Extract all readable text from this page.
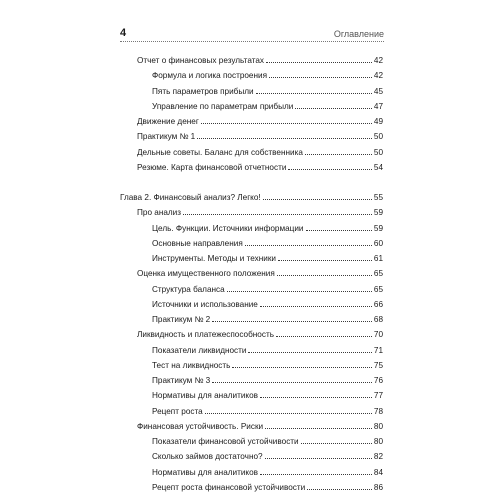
4	Оглавление
Отчет о финансовых результатах	42
Формула и логика построения	42
Пять параметров прибыли	45
Управление по параметрам прибыли	47
Движение денег	49
Практикум № 1	50
Дельные советы. Баланс для собственника	50
Резюме. Карта финансовой отчетности	54
Глава 2. Финансовый анализ? Легко!	55
Про анализ	59
Цель. Функции. Источники информации	59
Основные направления	60
Инструменты. Методы и техники	61
Оценка имущественного положения	65
Структура баланса	65
Источники и использование	66
Практикум № 2	68
Ликвидность и платежеспособность	70
Показатели ликвидности	71
Тест на ликвидность	75
Практикум № 3	76
Нормативы для аналитиков	77
Рецепт роста	78
Финансовая устойчивость. Риски	80
Показатели финансовой устойчивости	80
Сколько займов достаточно?	82
Нормативы для аналитиков	84
Рецепт роста финансовой устойчивости	86
